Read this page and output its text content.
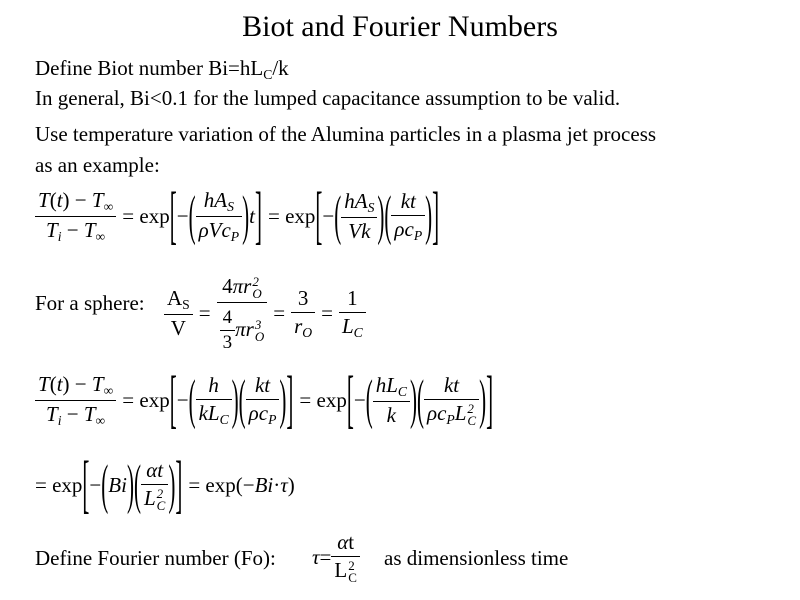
Biot and Fourier Numbers
Define Biot number $Bi=hL_C/k$
In general, Bi<0.1 for the lumped capacitance assumption to be valid.
Use temperature variation of the Alumina particles in a plasma jet process
as an example:
$\frac{T(t) - T_\infty}{T_i - T_\infty} = \exp$ [ − ( $\frac{hA_S}{\rho Vc_P}$ ) t ] = exp [ − ( $\frac{hA_S}{Vk}$ ) ( $\frac{kt}{\rho c_P}$ ) ]
For a sphere: $\frac{A_S}{V} = 4\pi r$ 2
O
$\frac{4}{3}$ πr 3
$O = \frac{3}{r_O} = \frac{1}{L_C}$
$\frac{T(t) - T_\infty}{T_i - T_\infty} = \exp$ [ − ( $\frac{h}{kL_C}$ ) ( $\frac{kt}{\rho c_P}$ ) ] = exp [ − ( $\frac{hL_C}{k}$ ) ( kt
$\rho c_PL$ 2
C ) ]
= exp [ − ( Bi ) ( αt
L 2
C ) ] = exp(− Bi · τ )
Define Fourier number (Fo): τ = αt
L 2
C as dimensionless time
